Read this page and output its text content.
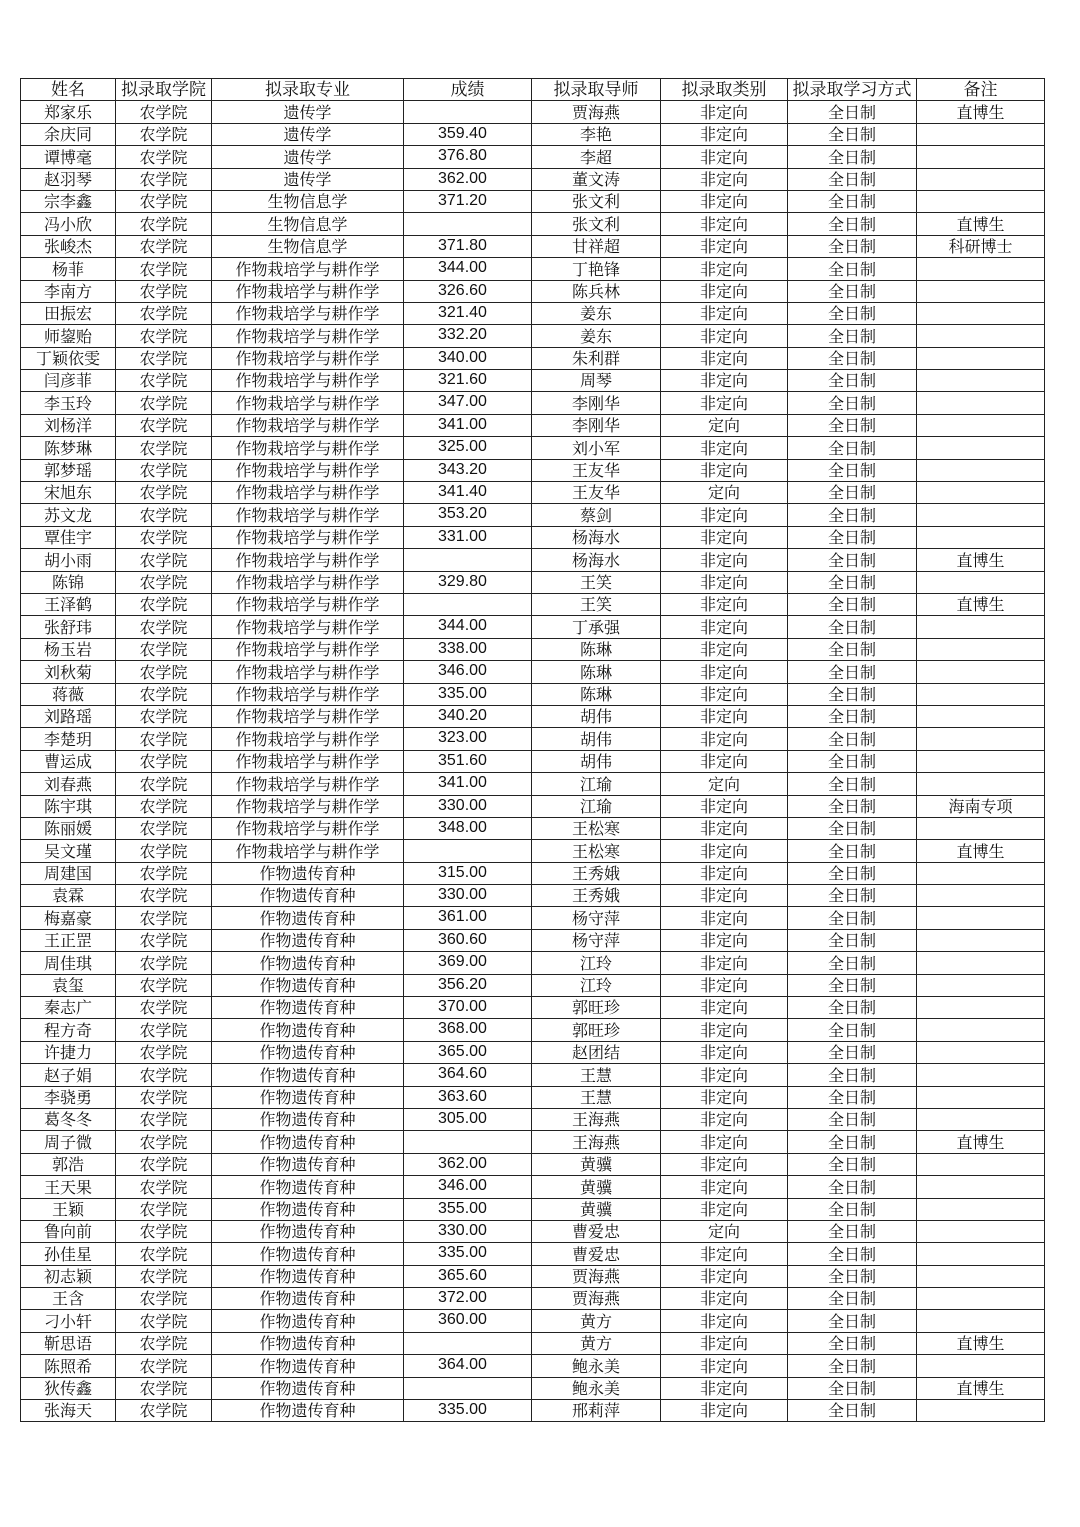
姓名	拟录取学院	拟录取专业	成绩	拟录取导师	拟录取类别	拟录取学习方式	备注
郑家乐	农学院	遗传学		贾海燕	非定向	全日制	直博生
余庆同	农学院	遗传学	359.40	李艳	非定向	全日制	
谭博毫	农学院	遗传学	376.80	李超	非定向	全日制	
赵羽琴	农学院	遗传学	362.00	董文涛	非定向	全日制	
宗李鑫	农学院	生物信息学	371.20	张文利	非定向	全日制	
冯小欣	农学院	生物信息学		张文利	非定向	全日制	直博生
张峻杰	农学院	生物信息学	371.80	甘祥超	非定向	全日制	科研博士
杨菲	农学院	作物栽培学与耕作学	344.00	丁艳锋	非定向	全日制	
李南方	农学院	作物栽培学与耕作学	326.60	陈兵林	非定向	全日制	
田振宏	农学院	作物栽培学与耕作学	321.40	姜东	非定向	全日制	
师鋆贻	农学院	作物栽培学与耕作学	332.20	姜东	非定向	全日制	
丁颖依雯	农学院	作物栽培学与耕作学	340.00	朱利群	非定向	全日制	
闫彦菲	农学院	作物栽培学与耕作学	321.60	周琴	非定向	全日制	
李玉玲	农学院	作物栽培学与耕作学	347.00	李刚华	非定向	全日制	
刘杨洋	农学院	作物栽培学与耕作学	341.00	李刚华	定向	全日制	
陈梦琳	农学院	作物栽培学与耕作学	325.00	刘小军	非定向	全日制	
郭梦瑶	农学院	作物栽培学与耕作学	343.20	王友华	非定向	全日制	
宋旭东	农学院	作物栽培学与耕作学	341.40	王友华	定向	全日制	
苏文龙	农学院	作物栽培学与耕作学	353.20	蔡剑	非定向	全日制	
覃佳宇	农学院	作物栽培学与耕作学	331.00	杨海水	非定向	全日制	
胡小雨	农学院	作物栽培学与耕作学		杨海水	非定向	全日制	直博生
陈锦	农学院	作物栽培学与耕作学	329.80	王笑	非定向	全日制	
王泽鹤	农学院	作物栽培学与耕作学		王笑	非定向	全日制	直博生
张舒玮	农学院	作物栽培学与耕作学	344.00	丁承强	非定向	全日制	
杨玉岩	农学院	作物栽培学与耕作学	338.00	陈琳	非定向	全日制	
刘秋菊	农学院	作物栽培学与耕作学	346.00	陈琳	非定向	全日制	
蒋薇	农学院	作物栽培学与耕作学	335.00	陈琳	非定向	全日制	
刘路瑶	农学院	作物栽培学与耕作学	340.20	胡伟	非定向	全日制	
李楚玥	农学院	作物栽培学与耕作学	323.00	胡伟	非定向	全日制	
曹运成	农学院	作物栽培学与耕作学	351.60	胡伟	非定向	全日制	
刘春燕	农学院	作物栽培学与耕作学	341.00	江瑜	定向	全日制	
陈宇琪	农学院	作物栽培学与耕作学	330.00	江瑜	非定向	全日制	海南专项
陈丽媛	农学院	作物栽培学与耕作学	348.00	王松寒	非定向	全日制	
吴文瑾	农学院	作物栽培学与耕作学		王松寒	非定向	全日制	直博生
周建国	农学院	作物遗传育种	315.00	王秀娥	非定向	全日制	
袁霖	农学院	作物遗传育种	330.00	王秀娥	非定向	全日制	
梅嘉豪	农学院	作物遗传育种	361.00	杨守萍	非定向	全日制	
王正罡	农学院	作物遗传育种	360.60	杨守萍	非定向	全日制	
周佳琪	农学院	作物遗传育种	369.00	江玲	非定向	全日制	
袁玺	农学院	作物遗传育种	356.20	江玲	非定向	全日制	
秦志广	农学院	作物遗传育种	370.00	郭旺珍	非定向	全日制	
程方奇	农学院	作物遗传育种	368.00	郭旺珍	非定向	全日制	
许捷力	农学院	作物遗传育种	365.00	赵团结	非定向	全日制	
赵子娟	农学院	作物遗传育种	364.60	王慧	非定向	全日制	
李骁勇	农学院	作物遗传育种	363.60	王慧	非定向	全日制	
葛冬冬	农学院	作物遗传育种	305.00	王海燕	非定向	全日制	
周子微	农学院	作物遗传育种		王海燕	非定向	全日制	直博生
郭浩	农学院	作物遗传育种	362.00	黄骥	非定向	全日制	
王天果	农学院	作物遗传育种	346.00	黄骥	非定向	全日制	
王颖	农学院	作物遗传育种	355.00	黄骥	非定向	全日制	
鲁向前	农学院	作物遗传育种	330.00	曹爱忠	定向	全日制	
孙佳星	农学院	作物遗传育种	335.00	曹爱忠	非定向	全日制	
初志颖	农学院	作物遗传育种	365.60	贾海燕	非定向	全日制	
王含	农学院	作物遗传育种	372.00	贾海燕	非定向	全日制	
刁小轩	农学院	作物遗传育种	360.00	黄方	非定向	全日制	
靳思语	农学院	作物遗传育种		黄方	非定向	全日制	直博生
陈照希	农学院	作物遗传育种	364.00	鲍永美	非定向	全日制	
狄传鑫	农学院	作物遗传育种		鲍永美	非定向	全日制	直博生
张海天	农学院	作物遗传育种	335.00	邢莉萍	非定向	全日制	
